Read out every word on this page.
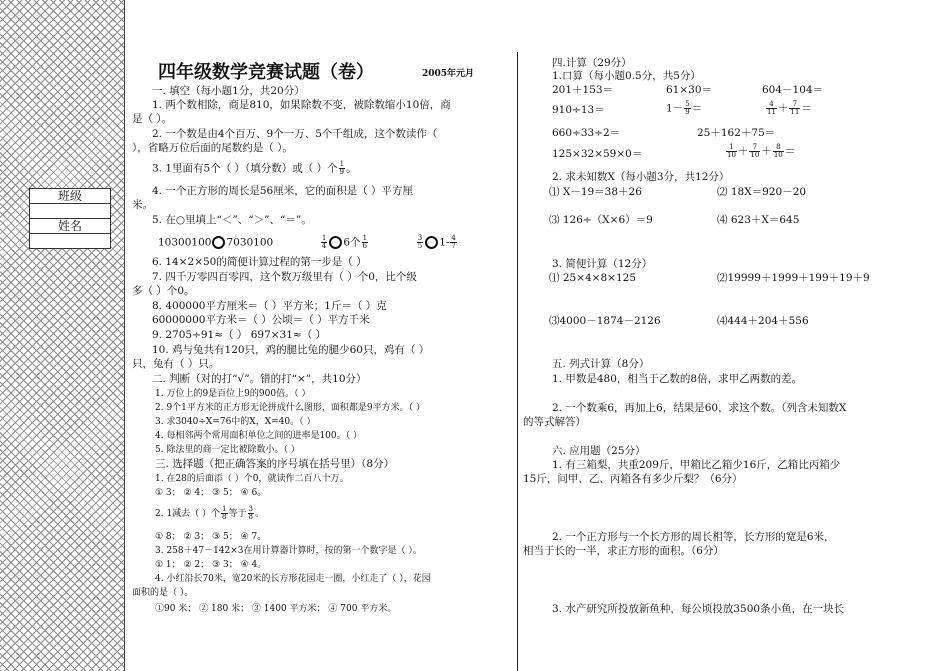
班级

姓名

四年级数学竞赛试题（卷）	2005年元月
一. 填空（每小题1分，共20分）
1. 两个数相除，商是810，如果除数不变，被除数缩小10倍，商
是（ ）。
2. 一个数是由4个百万、9个一万、5个千组成，这个数读作（
），省略万位后面的尾数约是（ ）。
3. 1里面有5个（ ）（填分数）或（ ）个 $\frac{1}{9}$ 。
4. 一个正方形的周长是56厘米，它的面积是（ ）平方厘
米。
5. 在○里填上“＜”、“＞”、“＝”。
10300100 7030100	$\frac{1}{4} 6$个 $\frac{1}{6}$
	$\frac{3}{5} 1- \frac{4}{7}$
6. 14×2×50的简便计算过程的第一步是（ ）
7. 四千万零四百零四，这个数万级里有（ ）个0，比个级
多（ ）个0。
8. 400000平方厘米＝（ ）平方米；1斤＝（ ）克
60000000平方米＝（ ）公顷＝（ ）平方千米
9. 2705÷91≈（ ） 697×31≈（ ）
10. 鸡与兔共有120只，鸡的腿比兔的腿少60只，鸡有（ ）
只，兔有（ ）只。
二. 判断（对的打“√”。错的打“×”，共10分）
1. 万位上的9是百位上9的900倍。（ ）
2. 9个1平方米的正方形无论拼成什么图形，面积都是9平方米。（ ）
3. 求3040÷X=76中的X，X=40。（ ）
4. 每相邻两个常用面积单位之间的进率是100。（ ）
5. 除法里的商一定比被除数小。（ ）
三. 选择题（把正确答案的序号填在括号里）（8分）
1. 在28的后面添（ ）个0，就读作二百八十万。
① 3； ② 4； ③ 5； ④ 6。
2. 1减去（ ）个 $\frac{1}{8}$ 等于 $\frac{3}{8}$ 。
① 8； ② 3； ③ 5； ④ 7。
3. 258＋47－142×3在用计算器计算时，按的第一个数字是（ ）。
① 1； ② 2； ③ 3； ④ 4。
4. 小红沿长70米，宽20米的长方形花园走一圈，小红走了（ ），花园
面积的是（ ）。
①90 米； ② 180 米； ③ 1400 平方米； ④ 700 平方米。
四.计算（29分）
1.口算（每小题0.5分，共5分）
201＋153＝	61×30＝	604－104＝
910÷13＝	$1- \frac{5}{9}$ ＝	$\frac{4}{11} + \frac{7}{11}$ ＝
660÷33÷2＝	25＋162＋75＝
125×32×59×0＝	$\frac{1}{10} + \frac{7}{10} + \frac{8}{10}$ ＝
2. 求未知数X（每小题3分，共12分）
⑴ X－19＝38＋26	⑵ 18X＝920－20
⑶ 126÷（X×6）＝9	⑷ 623＋X＝645
3. 简便计算（12分）
⑴ 25×4×8×125	⑵19999＋1999＋199＋19＋9
⑶4000－1874－2126	⑷444＋204＋556
五. 列式计算（8分）
1. 甲数是480，相当于乙数的8倍，求甲乙两数的差。
2. 一个数乘6，再加上6，结果是60，求这个数。（列含未知数X
的等式解答）
六. 应用题（25分）
1. 有三箱梨，共重209斤，甲箱比乙箱少16斤，乙箱比丙箱少
15斤，问甲、乙、丙箱各有多少斤梨？（6分）
2. 一个正方形与一个长方形的周长相等，长方形的宽是6米，
相当于长的一半，求正方形的面积。（6分）
3. 水产研究所投放新鱼种，每公顷投放3500条小鱼，在一块长
